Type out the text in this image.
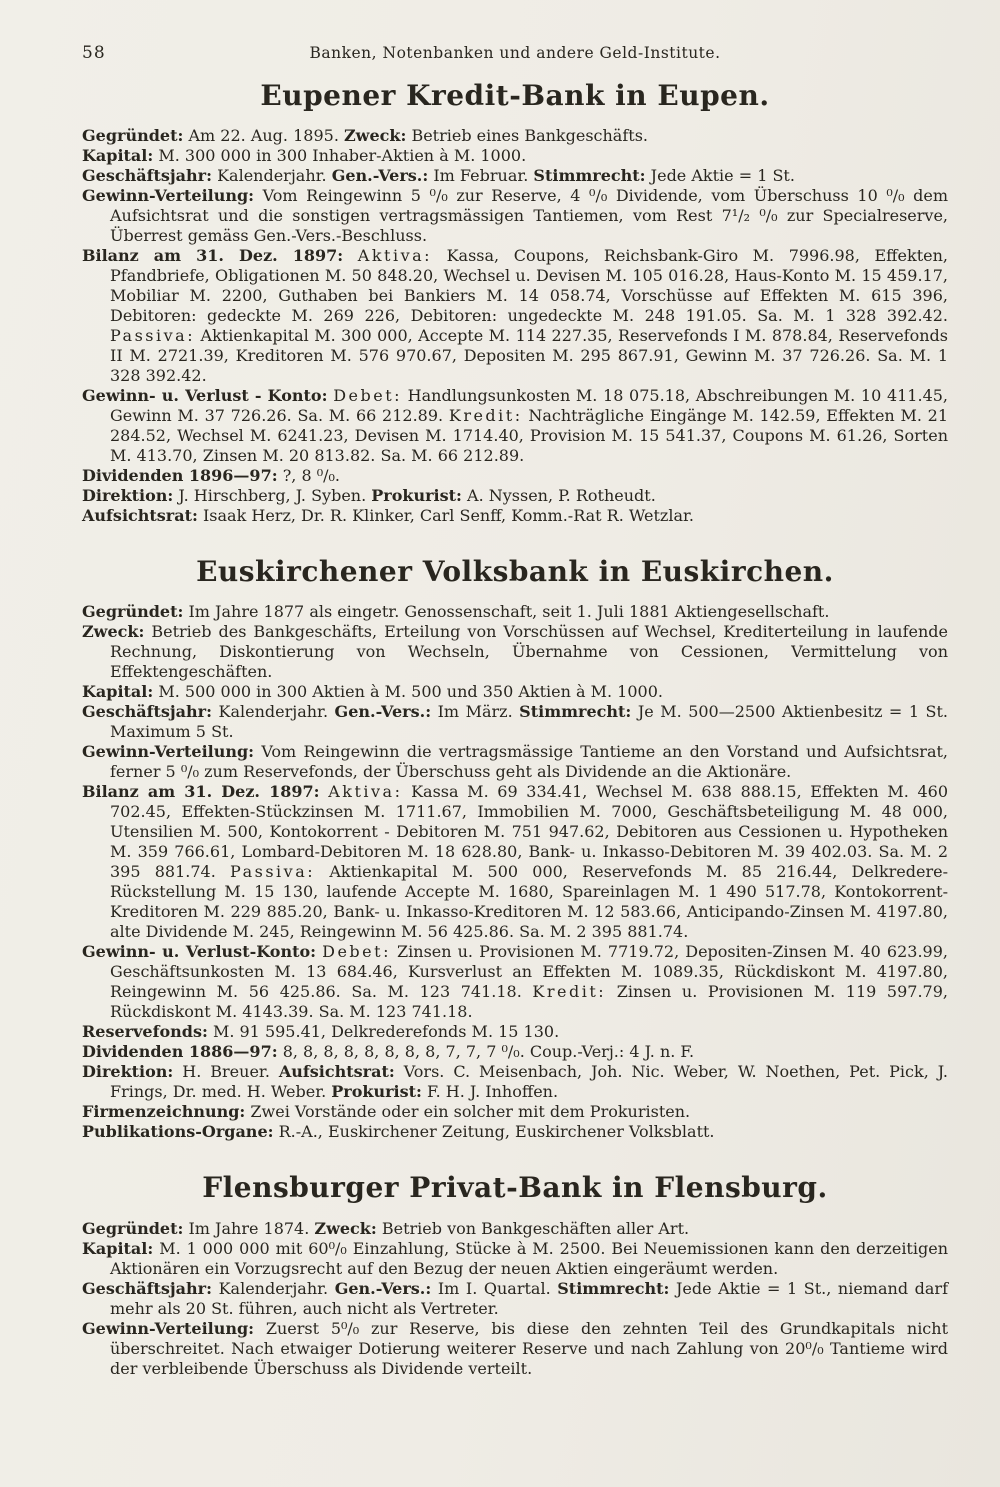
58	Banken, Notenbanken und andere Geld-Institute.
Eupener Kredit-Bank in Eupen.

Gegründet: Am 22. Aug. 1895. Zweck: Betrieb eines Bankgeschäfts.

Kapital: M. 300 000 in 300 Inhaber-Aktien à M. 1000.

Geschäftsjahr: Kalenderjahr. Gen.-Vers.: Im Februar. Stimmrecht: Jede Aktie = 1 St.

Gewinn-Verteilung: Vom Reingewinn 5 ⁰/₀ zur Reserve, 4 ⁰/₀ Dividende, vom Überschuss 10 ⁰/₀ dem Aufsichtsrat und die sonstigen vertragsmässigen Tantiemen, vom Rest 7¹/₂ ⁰/₀ zur Specialreserve, Überrest gemäss Gen.-Vers.-Beschluss.

Bilanz am 31. Dez. 1897: Aktiva: Kassa, Coupons, Reichsbank-Giro M. 7996.98, Effekten, Pfandbriefe, Obligationen M. 50 848.20, Wechsel u. Devisen M. 105 016.28, Haus-Konto M. 15 459.17, Mobiliar M. 2200, Guthaben bei Bankiers M. 14 058.74, Vorschüsse auf Effekten M. 615 396, Debitoren: gedeckte M. 269 226, Debitoren: ungedeckte M. 248 191.05. Sa. M. 1 328 392.42. Passiva: Aktienkapital M. 300 000, Accepte M. 114 227.35, Reservefonds I M. 878.84, Reservefonds II M. 2721.39, Kreditoren M. 576 970.67, Depositen M. 295 867.91, Gewinn M. 37 726.26. Sa. M. 1 328 392.42.

Gewinn- u. Verlust - Konto: Debet: Handlungsunkosten M. 18 075.18, Abschreibungen M. 10 411.45, Gewinn M. 37 726.26. Sa. M. 66 212.89. Kredit: Nachträgliche Eingänge M. 142.59, Effekten M. 21 284.52, Wechsel M. 6241.23, Devisen M. 1714.40, Provision M. 15 541.37, Coupons M. 61.26, Sorten M. 413.70, Zinsen M. 20 813.82. Sa. M. 66 212.89.

Dividenden 1896—97: ?, 8 ⁰/₀.

Direktion: J. Hirschberg, J. Syben. Prokurist: A. Nyssen, P. Rotheudt.

Aufsichtsrat: Isaak Herz, Dr. R. Klinker, Carl Senff, Komm.-Rat R. Wetzlar.

Euskirchener Volksbank in Euskirchen.

Gegründet: Im Jahre 1877 als eingetr. Genossenschaft, seit 1. Juli 1881 Aktiengesellschaft.

Zweck: Betrieb des Bankgeschäfts, Erteilung von Vorschüssen auf Wechsel, Krediterteilung in laufende Rechnung, Diskontierung von Wechseln, Übernahme von Cessionen, Vermittelung von Effektengeschäften.

Kapital: M. 500 000 in 300 Aktien à M. 500 und 350 Aktien à M. 1000.

Geschäftsjahr: Kalenderjahr. Gen.-Vers.: Im März. Stimmrecht: Je M. 500—2500 Aktienbesitz = 1 St. Maximum 5 St.

Gewinn-Verteilung: Vom Reingewinn die vertragsmässige Tantieme an den Vorstand und Aufsichtsrat, ferner 5 ⁰/₀ zum Reservefonds, der Überschuss geht als Dividende an die Aktionäre.

Bilanz am 31. Dez. 1897: Aktiva: Kassa M. 69 334.41, Wechsel M. 638 888.15, Effekten M. 460 702.45, Effekten-Stückzinsen M. 1711.67, Immobilien M. 7000, Geschäftsbeteiligung M. 48 000, Utensilien M. 500, Kontokorrent - Debitoren M. 751 947.62, Debitoren aus Cessionen u. Hypotheken M. 359 766.61, Lombard-Debitoren M. 18 628.80, Bank- u. Inkasso-Debitoren M. 39 402.03. Sa. M. 2 395 881.74. Passiva: Aktienkapital M. 500 000, Reservefonds M. 85 216.44, Delkredere-Rückstellung M. 15 130, laufende Accepte M. 1680, Spareinlagen M. 1 490 517.78, Kontokorrent-Kreditoren M. 229 885.20, Bank- u. Inkasso-Kreditoren M. 12 583.66, Anticipando-Zinsen M. 4197.80, alte Dividende M. 245, Reingewinn M. 56 425.86. Sa. M. 2 395 881.74.

Gewinn- u. Verlust-Konto: Debet: Zinsen u. Provisionen M. 7719.72, Depositen-Zinsen M. 40 623.99, Geschäftsunkosten M. 13 684.46, Kursverlust an Effekten M. 1089.35, Rückdiskont M. 4197.80, Reingewinn M. 56 425.86. Sa. M. 123 741.18. Kredit: Zinsen u. Provisionen M. 119 597.79, Rückdiskont M. 4143.39. Sa. M. 123 741.18.

Reservefonds: M. 91 595.41, Delkrederefonds M. 15 130.

Dividenden 1886—97: 8, 8, 8, 8, 8, 8, 8, 8, 7, 7, 7 ⁰/₀. Coup.-Verj.: 4 J. n. F.

Direktion: H. Breuer. Aufsichtsrat: Vors. C. Meisenbach, Joh. Nic. Weber, W. Noethen, Pet. Pick, J. Frings, Dr. med. H. Weber. Prokurist: F. H. J. Inhoffen.

Firmenzeichnung: Zwei Vorstände oder ein solcher mit dem Prokuristen.

Publikations-Organe: R.-A., Euskirchener Zeitung, Euskirchener Volksblatt.

Flensburger Privat-Bank in Flensburg.

Gegründet: Im Jahre 1874. Zweck: Betrieb von Bankgeschäften aller Art.

Kapital: M. 1 000 000 mit 60⁰/₀ Einzahlung, Stücke à M. 2500. Bei Neuemissionen kann den derzeitigen Aktionären ein Vorzugsrecht auf den Bezug der neuen Aktien eingeräumt werden.

Geschäftsjahr: Kalenderjahr. Gen.-Vers.: Im I. Quartal. Stimmrecht: Jede Aktie = 1 St., niemand darf mehr als 20 St. führen, auch nicht als Vertreter.

Gewinn-Verteilung: Zuerst 5⁰/₀ zur Reserve, bis diese den zehnten Teil des Grundkapitals nicht überschreitet. Nach etwaiger Dotierung weiterer Reserve und nach Zahlung von 20⁰/₀ Tantieme wird der verbleibende Überschuss als Dividende verteilt.
